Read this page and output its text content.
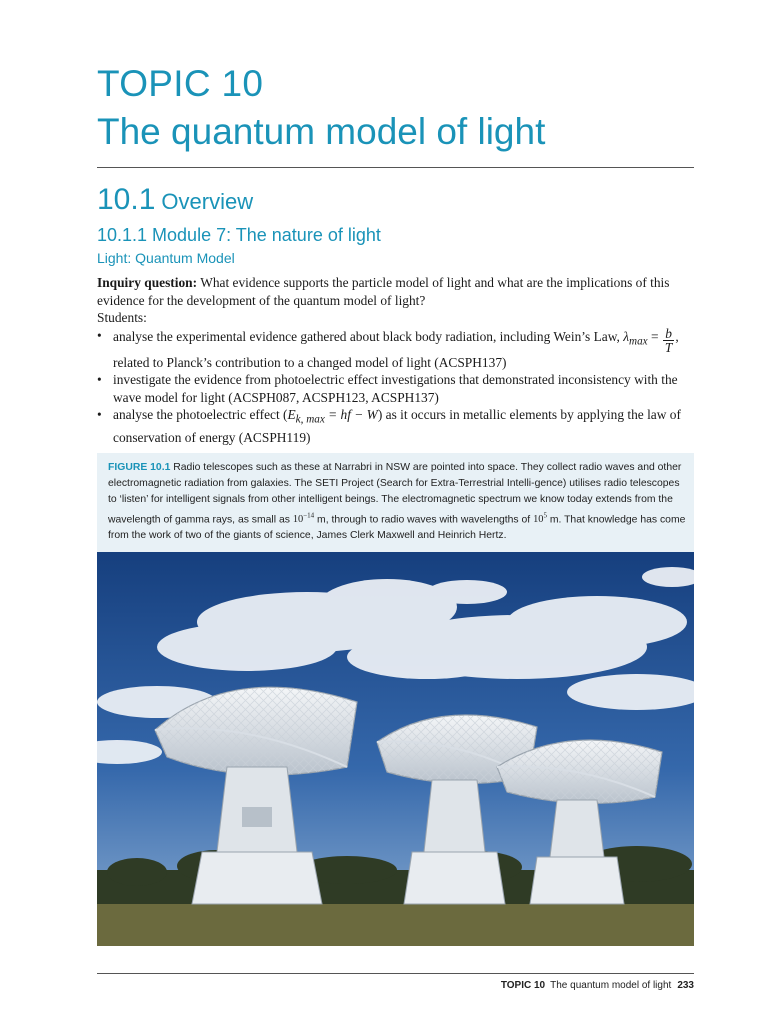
TOPIC 10
The quantum model of light
10.1 Overview
10.1.1 Module 7: The nature of light
Light: Quantum Model

Inquiry question: What evidence supports the particle model of light and what are the implications of this evidence for the development of the quantum model of light?

Students:

• analyse the experimental evidence gathered about black body radiation, including Wein’s Law, $\lambda_{max} = \frac{b}{T}$ ,
related to Planck’s contribution to a changed model of light (ACSPH137)
• investigate the evidence from photoelectric effect investigations that demonstrated inconsistency with the wave model for light (ACSPH087, ACSPH123, ACSPH137)
• analyse the photoelectric effect ($E_{k, max}$ = hf − W) as it occurs in metallic elements by applying the law of conservation of energy (ACSPH119)
FIGURE 10.1 Radio telescopes such as these at Narrabri in NSW are pointed into space. They collect radio waves and other electromagnetic radiation from galaxies. The SETI Project (Search for Extra-Terrestrial Intelli-gence) utilises radio telescopes to ‘listen’ for intelligent signals from other intelligent beings. The electromagnetic spectrum we know today extends from the wavelength of gamma rays, as small as $10^{-14}$ m, through to radio waves with wavelengths of $10^5$ m. That knowledge has come from the work of two of the giants of science, James Clerk Maxwell and Heinrich Hertz.
TOPIC 10 The quantum model of light 233
